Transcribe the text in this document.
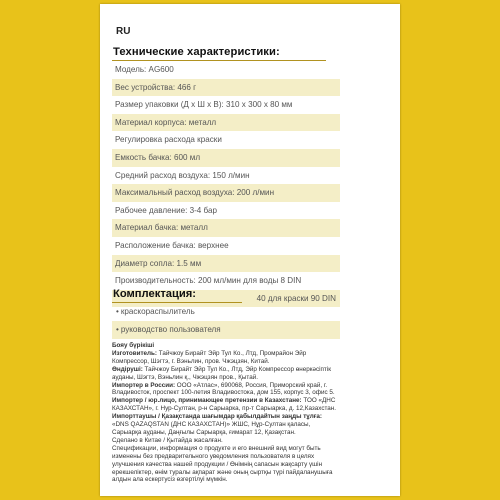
RU
Технические характеристики:
Модель: AG600
Вес устройства: 466 г
Размер упаковки (Д х Ш х В): 310 х 300 х 80 мм
Материал корпуса: металл
Регулировка расхода краски
Емкость бачка: 600 мл
Средний расход воздуха: 150 л/мин
Максимальный расход воздуха: 200 л/мин
Рабочее давление: 3-4 бар
Материал бачка: металл
Расположение бачка: верхнее
Диаметр сопла: 1.5 мм
Производительность: 200 мл/мин для воды 8 DIN
40 для краски 90 DIN
Комплектация:
• краскораспылитель
• руководство пользователя

Бояу бүрікіші

Изготовитель: Тайчжоу Бирайт Эйр Тул Ко., Лтд, Промрайон Эйр Компрессор, Шэгтэ, г. Вэньлин, пров. Чжэцзян, Китай.

Өндіруші: Тайчжоу Бирайт Эйр Тул Ко., Лтд, Эйр Компрессор өнеркәсіптік ауданы, Шэгтэ, Вэньлин қ., Чжэцзян пров., Қытай.

Импортер в России: ООО «Атлас», 690068, Россия, Приморский край, г. Владивосток, проспект 100-летия Владивостока, дом 155, корпус 3, офис 5.

Импортер / юр.лицо, принимающее претензии в Казахстане: ТОО «ДНС КАЗАХСТАН», г. Нур-Султан, р-н Сарыарка, пр-т Сарыарка, д. 12,Казахстан.

Импорттаушы / Қазақстанда шағымдар қабылдайтын заңды тұлға: «DNS QAZAQSTAN (ДНС КАЗАХСТАН)» ЖШС, Нұр-Султан қаласы, Сарыарқа ауданы, Даңғылы Сарыарқа, ғимарат 12, Қазақстан.

Сделано в Китае / Қытайда жасалған.

Спецификации, информация о продукте и его внешний вид могут быть изменены без предварительного уведомления пользователя в целях улучшения качества нашей продукции / Өнімнің сапасын жақсарту үшін ерекшеліктер, өнім туралы ақпарат және оның сыртқы түрі пайдаланушыға алдын ала ескертусіз өзгертілуі мүмкін.
